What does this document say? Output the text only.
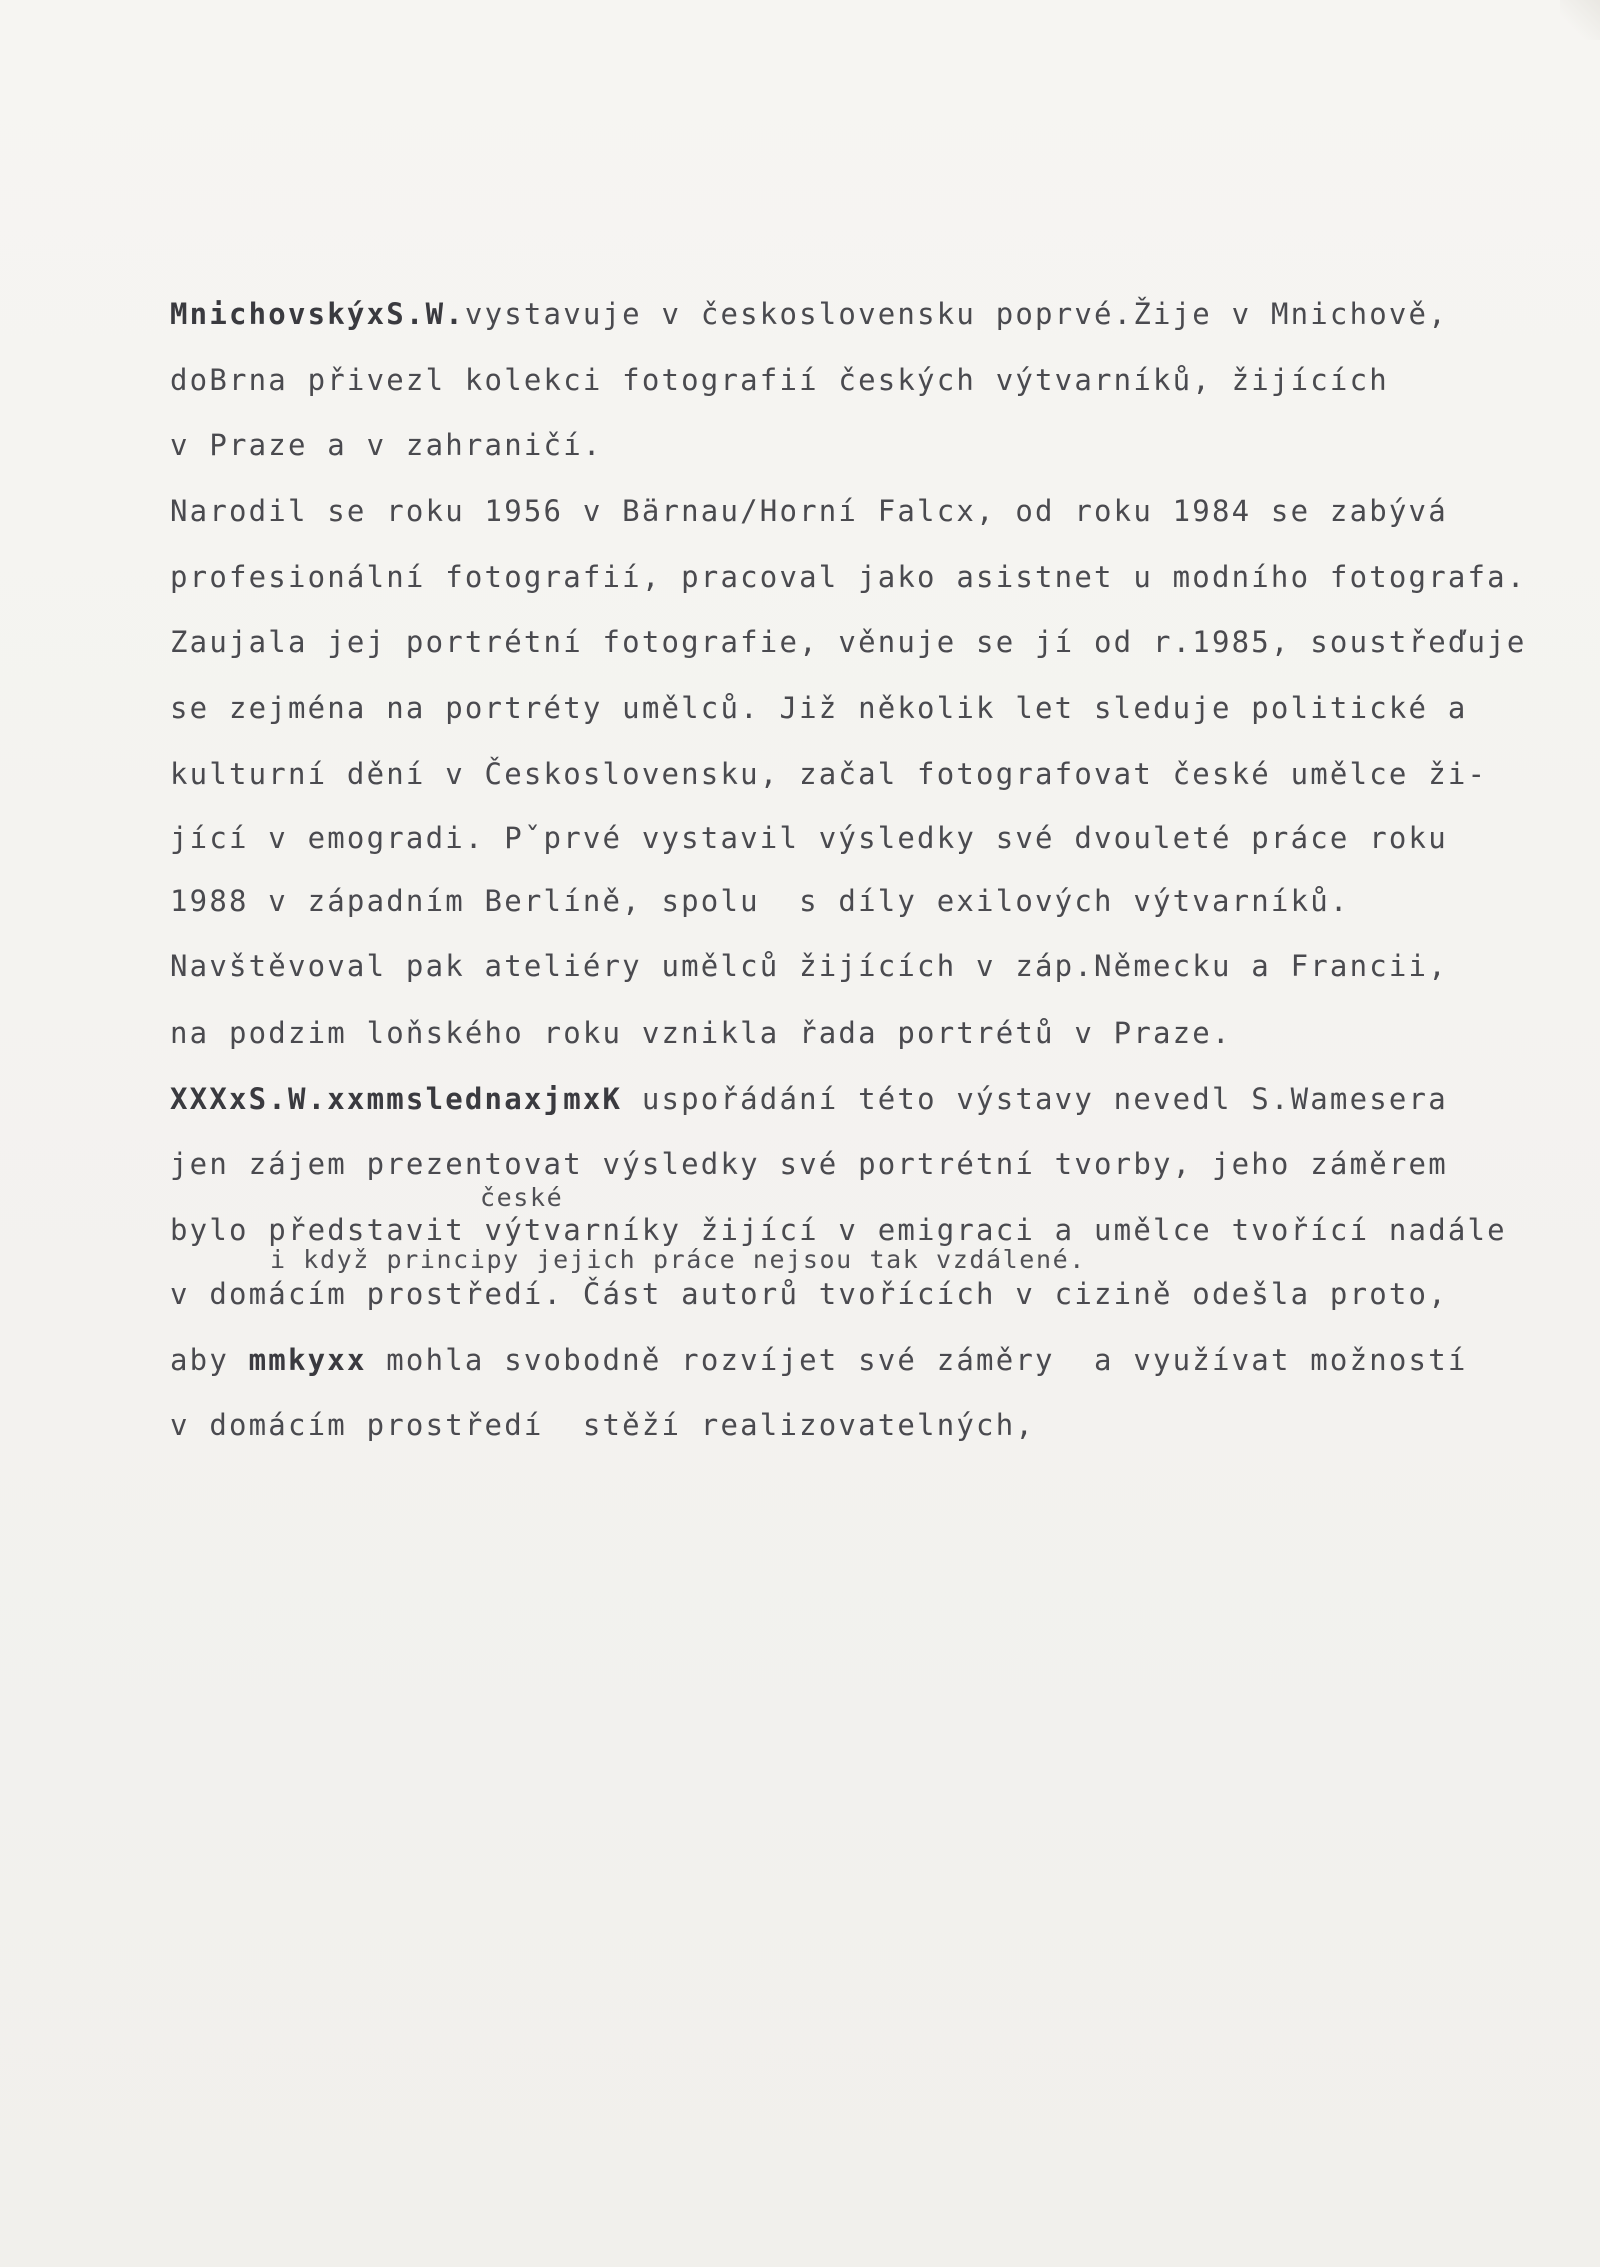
MnichovskýxS.W.vystavuje v československu poprvé.Žije v Mnichově,
doBrna přivezl kolekci fotografií českých výtvarníků, žijících
v Praze a v zahraničí.
Narodil se roku 1956 v Bärnau/Horní Falcx, od roku 1984 se zabývá
profesionální fotografií, pracoval jako asistnet u modního fotografa.
Zaujala jej portrétní fotografie, věnuje se jí od r.1985, soustřeďuje
se zejména na portréty umělců. Již několik let sleduje politické a
kulturní dění v Československu, začal fotografovat české umělce ži-
jící v emogradi. Pˇprvé vystavil výsledky své dvouleté práce roku
1988 v západním Berlíně, spolu  s díly exilových výtvarníků.
Navštěvoval pak ateliéry umělců žijících v záp.Německu a Francii,
na podzim loňského roku vznikla řada portrétů v Praze.
XXXxS.W.xxmmslednaxjmxK uspořádání této výstavy nevedl S.Wamesera
jen zájem prezentovat výsledky své portrétní tvorby, jeho záměrem
české
bylo představit výtvarníky žijící v emigraci a umělce tvořící nadále
i když principy jejich práce nejsou tak vzdálené.
v domácím prostředí. Část autorů tvořících v cizině odešla proto,
aby mmkyxx mohla svobodně rozvíjet své záměry  a využívat možností
v domácím prostředí  stěží realizovatelných,
